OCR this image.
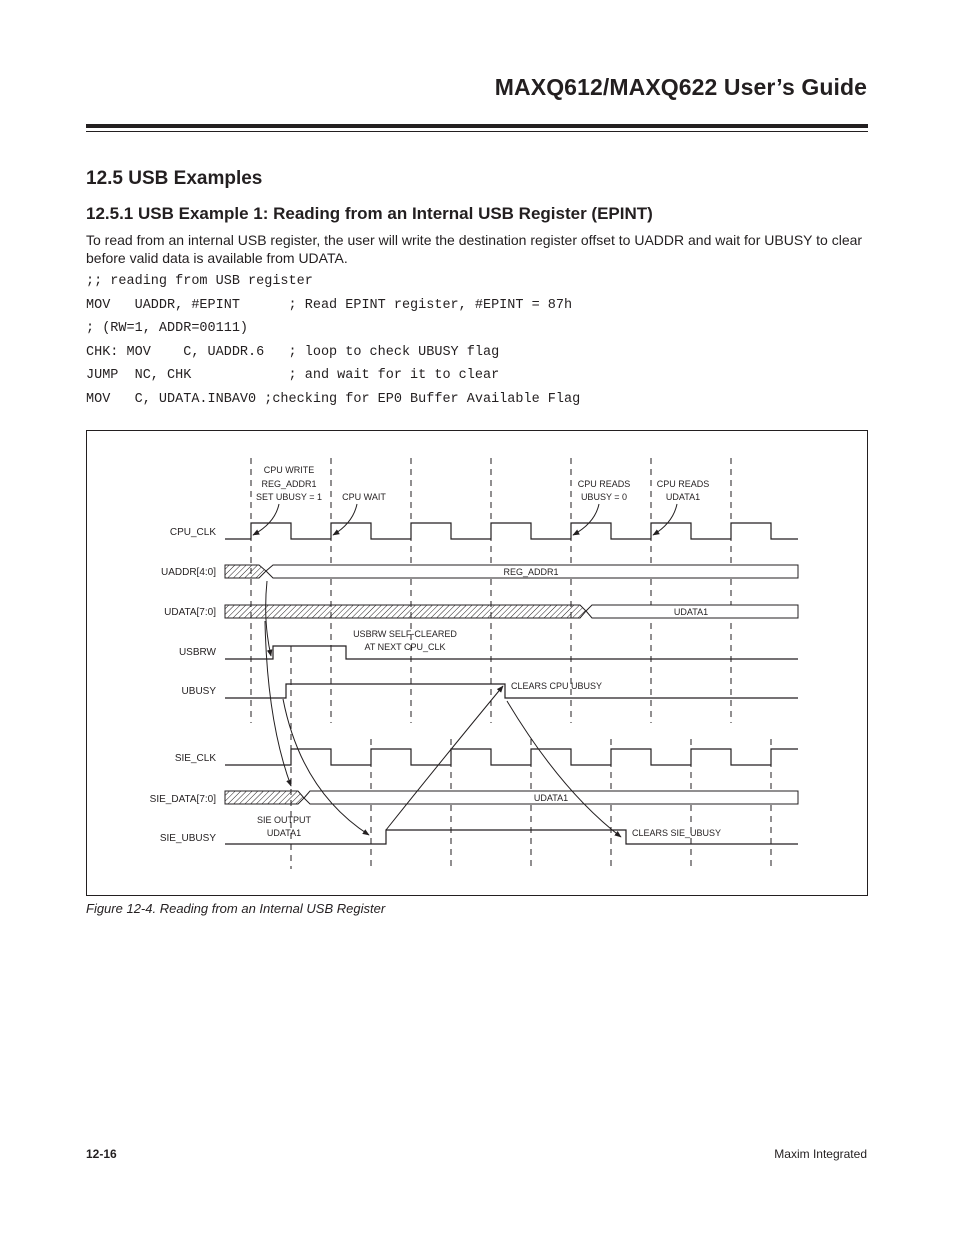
MAXQ612/MAXQ622 User’s Guide
12.5 USB Examples
12.5.1 USB Example 1: Reading from an Internal USB Register (EPINT)
To read from an internal USB register, the user will write the destination register offset to UADDR and wait for UBUSY to clear before valid data is available from UDATA.
;; reading from USB register
MOV   UADDR, #EPINT      ; Read EPINT register, #EPINT = 87h
; (RW=1, ADDR=00111)
CHK: MOV    C, UADDR.6   ; loop to check UBUSY flag
JUMP  NC, CHK            ; and wait for it to clear
MOV   C, UDATA.INBAV0 ;checking for EP0 Buffer Available Flag
CPU_CLK
UADDR[4:0]
UDATA[7:0]
USBRW
UBUSY
SIE_CLK
SIE_DATA[7:0]
SIE_UBUSY
REG_ADDR1
UDATA1
UDATA1
CPU WRITE
REG_ADDR1
SET UBUSY = 1 CPU WAIT
CPU READS
UBUSY = 0
CPU READS
UDATA1
USBRW SELF-CLEARED
AT NEXT CPU_CLK
CLEARS CPU UBUSY
SIE OUTPUT
UDATA1	CLEARS SIE_UBUSY
Figure 12-4. Reading from an Internal USB Register
12-16	Maxim Integrated
